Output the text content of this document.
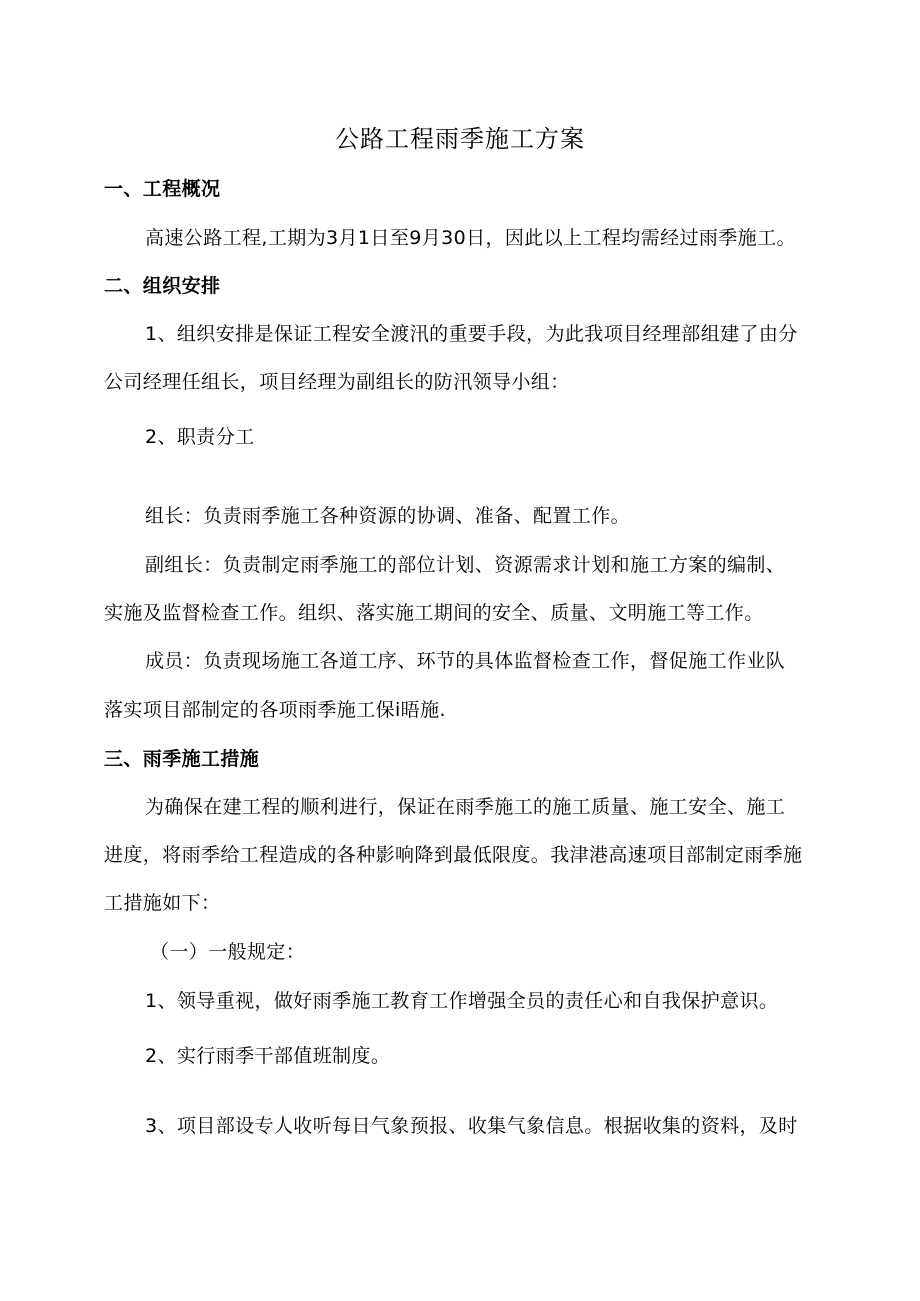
公路工程雨季施工方案
一、工程概况
高速公路工程,工期为3月1日至9月30日，因此以上工程均需经过雨季施工。
二、组织安排
1、组织安排是保证工程安全渡汛的重要手段，为此我项目经理部组建了由分
公司经理任组长，项目经理为副组长的防汛领导小组：
2、职责分工
组长：负责雨季施工各种资源的协调、准备、配置工作。
副组长：负责制定雨季施工的部位计划、资源需求计划和施工方案的编制、
实施及监督检查工作。组织、落实施工期间的安全、质量、文明施工等工作。
成员：负责现场施工各道工序、环节的具体监督检查工作，督促施工作业队
落实项目部制定的各项雨季施工保i晤施.
三、雨季施工措施
为确保在建工程的顺利进行，保证在雨季施工的施工质量、施工安全、施工
进度，将雨季给工程造成的各种影响降到最低限度。我津港高速项目部制定雨季施
工措施如下：
（一）一般规定：
1、领导重视，做好雨季施工教育工作增强全员的责任心和自我保护意识。
2、实行雨季干部值班制度。
3、项目部设专人收听每日气象预报、收集气象信息。根据收集的资料，及时
